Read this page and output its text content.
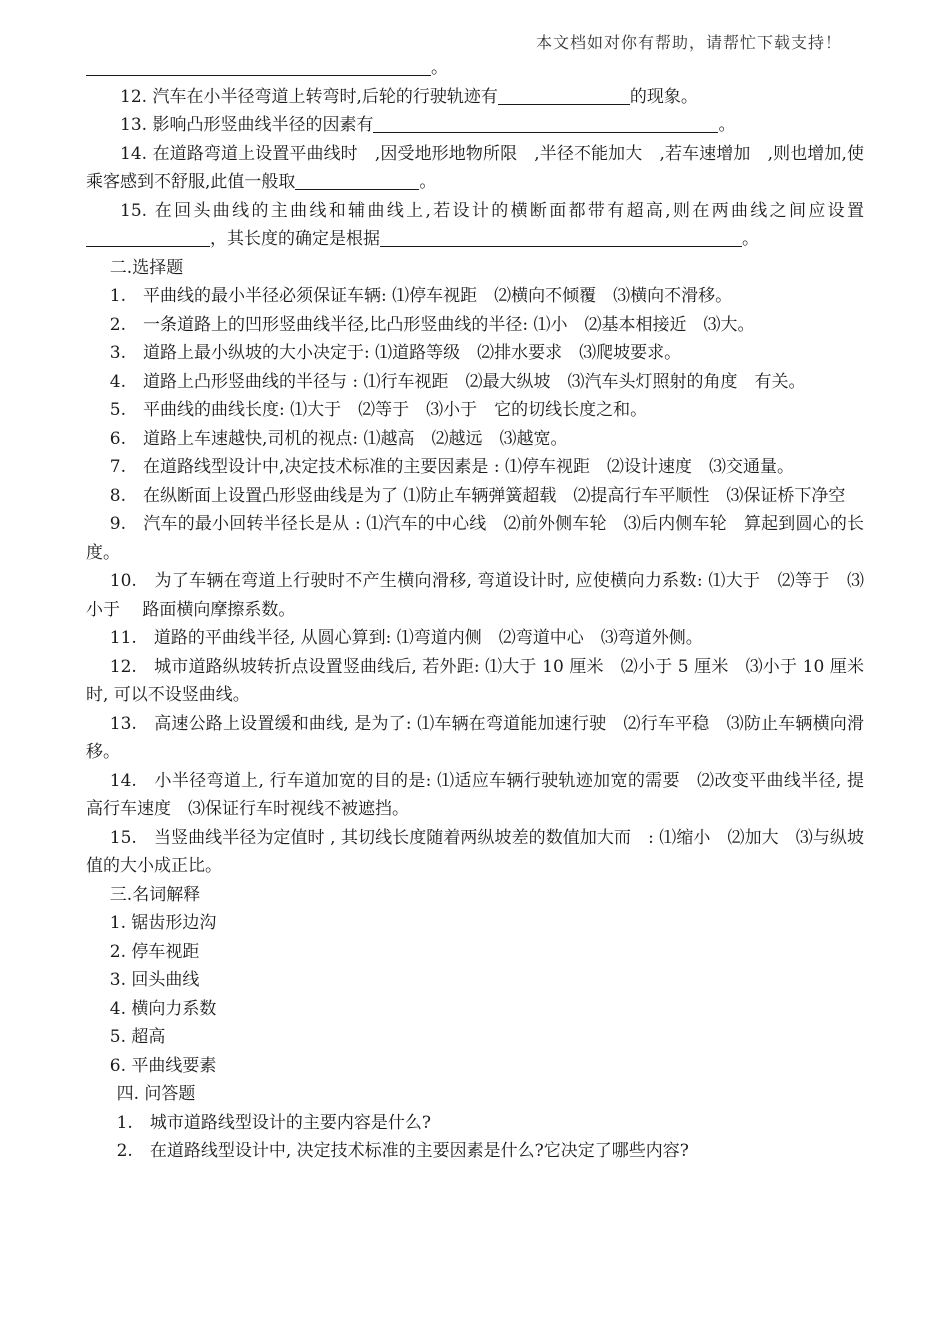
本文档如对你有帮助，请帮忙下载支持！
。

12. 汽车在小半径弯道上转弯时,后轮的行驶轨迹有	的现象。

13. 影响凸形竖曲线半径的因素有	。

14. 在道路弯道上设置平曲线时　,因受地形地物所限　,半径不能加大　,若车速增加　,则也增加,使乘客感到不舒服,此值一般取	。

15. 在回头曲线的主曲线和辅曲线上,若设计的横断面都带有超高,则在两曲线之间应设置，其长度的确定是根据	。

二.选择题

1.　平曲线的最小半径必须保证车辆: ⑴停车视距　⑵横向不倾覆　⑶横向不滑移。

2.　一条道路上的凹形竖曲线半径,比凸形竖曲线的半径: ⑴小　⑵基本相接近　⑶大。

3.　道路上最小纵坡的大小决定于: ⑴道路等级　⑵排水要求　⑶爬坡要求。

4.　道路上凸形竖曲线的半径与 : ⑴行车视距　⑵最大纵坡　⑶汽车头灯照射的角度　有关。

5.　平曲线的曲线长度: ⑴大于　⑵等于　⑶小于　它的切线长度之和。

6.　道路上车速越快,司机的视点: ⑴越高　⑵越远　⑶越宽。

7.　在道路线型设计中,决定技术标准的主要因素是 : ⑴停车视距　⑵设计速度　⑶交通量。

8.　在纵断面上设置凸形竖曲线是为了 ⑴防止车辆弹簧超载　⑵提高行车平顺性　⑶保证桥下净空

9.　汽车的最小回转半径长是从 : ⑴汽车的中心线　⑵前外侧车轮　⑶后内侧车轮　算起到圆心的长度。

10.　为了车辆在弯道上行驶时不产生横向滑移, 弯道设计时, 应使横向力系数: ⑴大于　⑵等于　⑶小于　 路面横向摩擦系数。

11.　道路的平曲线半径, 从圆心算到: ⑴弯道内侧　⑵弯道中心　⑶弯道外侧。

12.　城市道路纵坡转折点设置竖曲线后, 若外距: ⑴大于 10 厘米　⑵小于 5 厘米　⑶小于 10 厘米　时, 可以不设竖曲线。

13.　高速公路上设置缓和曲线, 是为了: ⑴车辆在弯道能加速行驶　⑵行车平稳　⑶防止车辆横向滑移。

14.　小半径弯道上, 行车道加宽的目的是: ⑴适应车辆行驶轨迹加宽的需要　⑵改变平曲线半径, 提高行车速度　⑶保证行车时视线不被遮挡。

15.　当竖曲线半径为定值时 , 其切线长度随着两纵坡差的数值加大而　: ⑴缩小　⑵加大　⑶与纵坡值的大小成正比。

三.名词解释

1. 锯齿形边沟
2. 停车视距
3. 回头曲线
4. 横向力系数
5. 超高
6. 平曲线要素

四. 问答题

1.　城市道路线型设计的主要内容是什么?
2.　在道路线型设计中, 决定技术标准的主要因素是什么?它决定了哪些内容?
